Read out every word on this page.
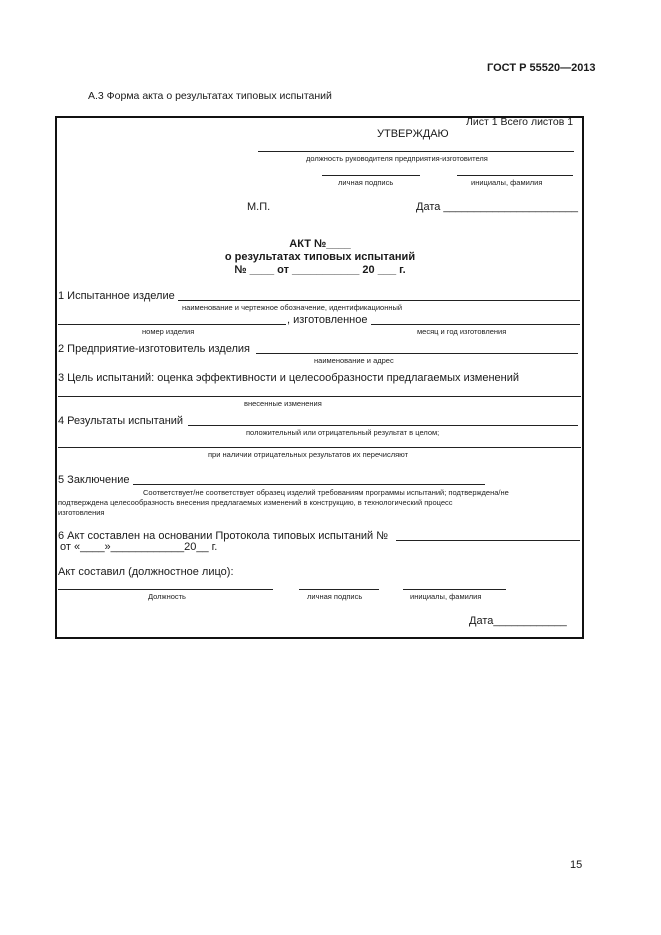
ГОСТ Р 55520—2013
А.3 Форма акта о результатах типовых испытаний
Лист 1 Всего листов 1
УТВЕРЖДАЮ
должность руководителя предприятия-изготовителя
личная подпись	инициалы, фамилия
М.П.	Дата ______________________
АКТ №____
о результатах типовых испытаний
№ ____ от ___________ 20 ___ г.
1 Испытанное изделие
наименование и чертежное обозначение, идентификационный
, изготовленное
номер изделия	месяц и год изготовления
2 Предприятие-изготовитель изделия
наименование и адрес
3 Цель испытаний: оценка эффективности и целесообразности предлагаемых изменений
внесенные изменения
4 Результаты испытаний
положительный или отрицательный результат в целом;
при наличии отрицательных результатов их перечисляют
5 Заключение
Соответствует/не соответствует образец изделий требованиям программы испытаний; подтверждена/не
подтверждена целесообразность внесения предлагаемых изменений в конструкцию, в технологический процесс
изготовления
6 Акт составлен на основании Протокола типовых испытаний №
от «____»____________20__ г.
Акт составил (должностное лицо):
Должность	личная подпись	инициалы, фамилия
Дата____________
15
